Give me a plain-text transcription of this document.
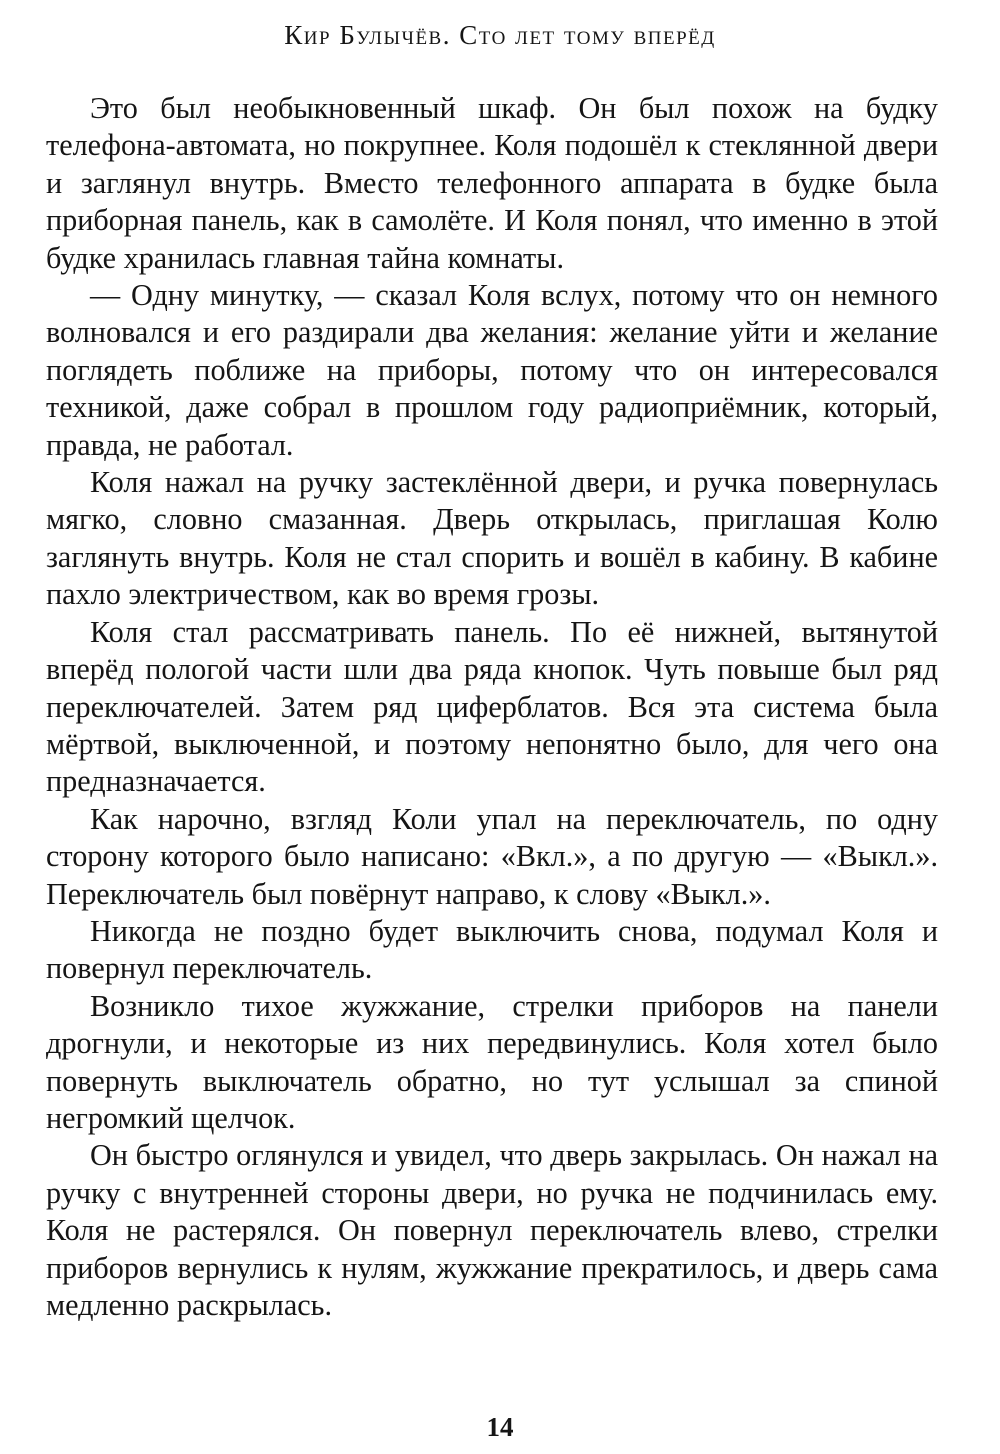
Кир Булычёв. Сто лет тому вперёд

Это был необыкновенный шкаф. Он был похож на будку телефона-автомата, но покрупнее. Коля подошёл к стеклянной двери и заглянул внутрь. Вместо телефонного аппарата в будке была приборная панель, как в самолёте. И Коля понял, что именно в этой будке хранилась главная тайна комнаты.

— Одну минутку, — сказал Коля вслух, потому что он немного волновался и его раздирали два желания: желание уйти и желание поглядеть поближе на приборы, потому что он интересовался техникой, даже собрал в прошлом году радиоприёмник, который, правда, не работал.

Коля нажал на ручку застеклённой двери, и ручка повернулась мягко, словно смазанная. Дверь открылась, приглашая Колю заглянуть внутрь. Коля не стал спорить и вошёл в кабину. В кабине пахло электричеством, как во время грозы.

Коля стал рассматривать панель. По её нижней, вытянутой вперёд пологой части шли два ряда кнопок. Чуть повыше был ряд переключателей. Затем ряд циферблатов. Вся эта система была мёртвой, выключенной, и поэтому непонятно было, для чего она предназначается.

Как нарочно, взгляд Коли упал на переключатель, по одну сторону которого было написано: «Вкл.», а по другую — «Выкл.». Переключатель был повёрнут направо, к слову «Выкл.».

Никогда не поздно будет выключить снова, подумал Коля и повернул переключатель.

Возникло тихое жужжание, стрелки приборов на панели дрогнули, и некоторые из них передвинулись. Коля хотел было повернуть выключатель обратно, но тут услышал за спиной негромкий щелчок.

Он быстро оглянулся и увидел, что дверь закрылась. Он нажал на ручку с внутренней стороны двери, но ручка не подчинилась ему. Коля не растерялся. Он повернул переключатель влево, стрелки приборов вернулись к нулям, жужжание прекратилось, и дверь сама медленно раскрылась.

14
